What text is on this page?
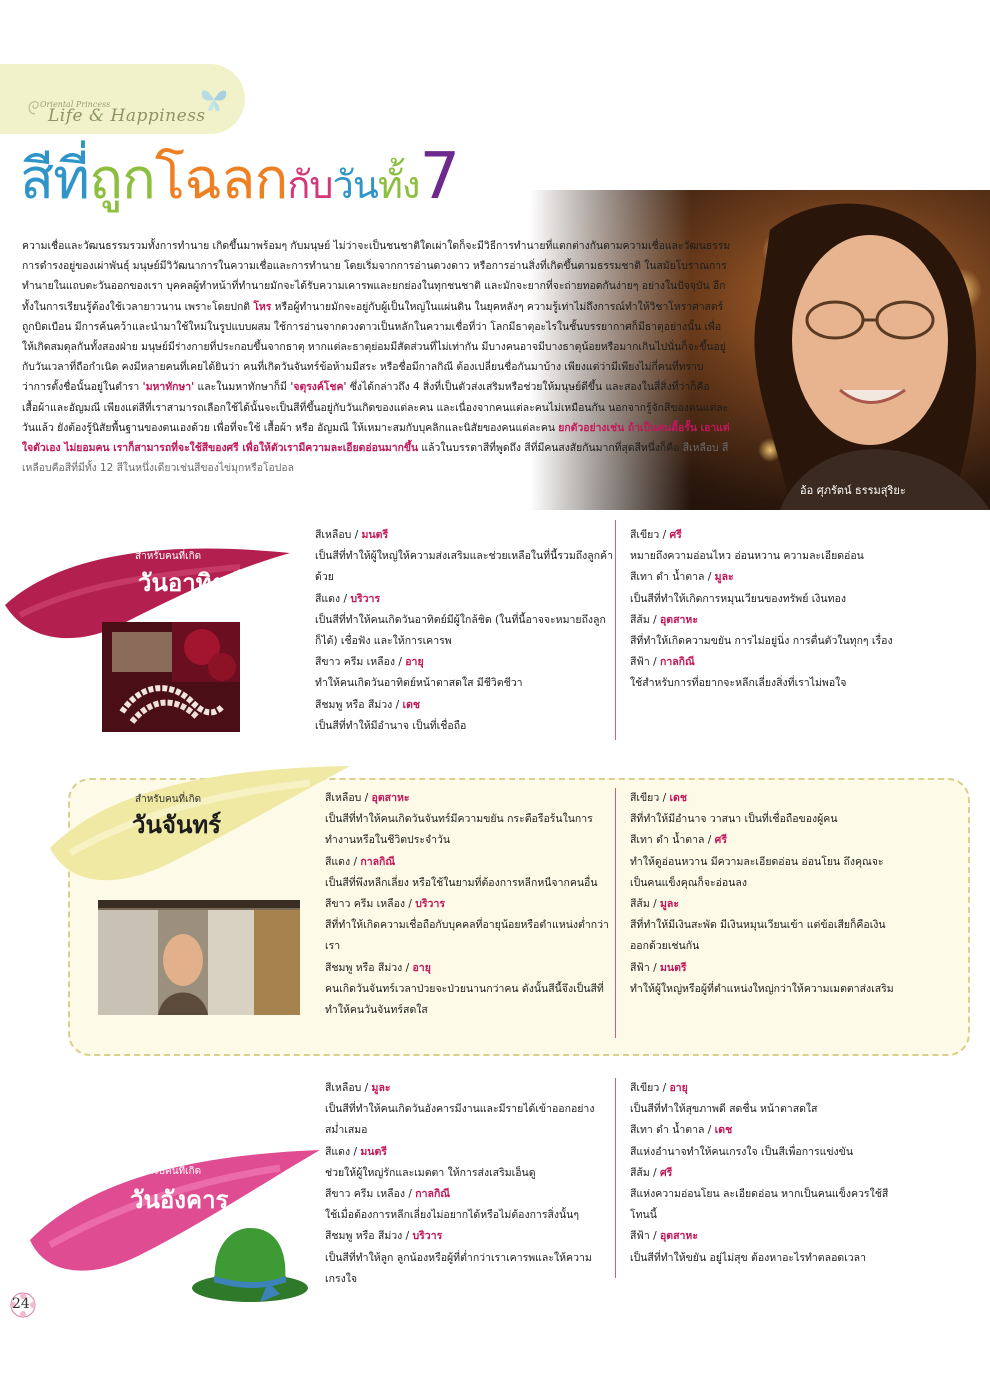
Oriental Princess
Life & Happiness
สีที่ถูกโฉลกกับวันทั้ง7
ความเชื่อและวัฒนธรรมรวมทั้งการทำนาย เกิดขึ้นมาพร้อมๆ กับมนุษย์ ไม่ว่าจะเป็นชนชาติใดเผ่าใดก็จะมีวิธีการทำนายที่แตกต่างกันตามความเชื่อและวัฒนธรรมการดำรงอยู่ของเผ่าพันธุ์ มนุษย์มีวิวัฒนาการในความเชื่อและการทำนาย โดยเริ่มจากการอ่านดวงดาว หรือการอ่านสิ่งที่เกิดขึ้นตามธรรมชาติ ในสมัยโบราณการทำนายในแถบตะวันออกของเรา บุคคลผู้ทำหน้าที่ทำนายมักจะได้รับความเคารพและยกย่องในทุกชนชาติ และมักจะยากที่จะถ่ายทอดกันง่ายๆ อย่างในปัจจุบัน อีกทั้งในการเรียนรู้ต้องใช้เวลายาวนาน เพราะโดยปกติ โหร หรือผู้ทำนายมักจะอยู่กับผู้เป็นใหญ่ในแผ่นดิน ในยุคหลังๆ ความรู้เท่าไม่ถึงการณ์ทำให้วิชาโหราศาสตร์ถูกบิดเบือน มีการค้นคว้าและนำมาใช้ใหม่ในรูปแบบผสม ใช้การอ่านจากดวงดาวเป็นหลักในความเชื่อที่ว่า โลกมีธาตุอะไรในชั้นบรรยากาศก็มีธาตุอย่างนั้น เพื่อให้เกิดสมดุลกันทั้งสองฝ่าย มนุษย์มีร่างกายที่ประกอบขึ้นจากธาตุ หากแต่ละธาตุย่อมมีสัดส่วนที่ไม่เท่ากัน มีบางคนอาจมีบางธาตุน้อยหรือมากเกินไปนั่นก็จะขึ้นอยู่กับวันเวลาที่ถือกำเนิด คงมีหลายคนที่เคยได้ยินว่า คนที่เกิดวันจันทร์ข้อห้ามมีสระ หรือชื่อมีกาลกิณี ต้องเปลี่ยนชื่อกันมาบ้าง เพียงแต่ว่ามีเพียงไม่กี่คนที่ทราบว่าการตั้งชื่อนั้นอยู่ในตำรา 'มหาทักษา' และในมหาทักษาก็มี 'จตุรงค์โชค' ซึ่งได้กล่าวถึง 4 สิ่งที่เป็นตัวส่งเสริมหรือช่วยให้มนุษย์ดีขึ้น และสองในสี่สิ่งที่ว่าก็คือ เสื้อผ้าและอัญมณี เพียงแต่สีที่เราสามารถเลือกใช้ได้นั้นจะเป็นสีที่ขึ้นอยู่กับวันเกิดของแต่ละคน และเนื่องจากคนแต่ละคนไม่เหมือนกัน นอกจากรู้จักสีของคนแต่ละวันแล้ว ยังต้องรู้นิสัยพื้นฐานของตนเองด้วย เพื่อที่จะใช้ เสื้อผ้า หรือ อัญมณี ให้เหมาะสมกับบุคลิกและนิสัยของคนแต่ละคน ยกตัวอย่างเช่น ถ้าเป็นคนดื้อรั้น เอาแต่ใจตัวเอง ไม่ยอมคน เราก็สามารถที่จะใช้สีของศรี เพื่อให้ตัวเรามีความละเอียดอ่อนมากขึ้น แล้วในบรรดาสีที่พูดถึง สีที่มีคนสงสัยกันมากที่สุดสีหนึ่งก็คือ สีเหลือบ สีเหลือบคือสีที่มีทั้ง 12 สีในหนึ่งเดียวเช่นสีของไข่มุกหรือโอปอล
อ้อ ศุภรัตน์ ธรรมสุริยะ
สำหรับคนที่เกิด
วันอาทิตย์
สีเหลือบ / มนตรี
เป็นสีที่ทำให้ผู้ใหญ่ให้ความส่งเสริมและช่วยเหลือในที่นี้รวมถึงลูกค้าด้วย
สีแดง / บริวาร
เป็นสีที่ทำให้คนเกิดวันอาทิตย์มีผู้ใกล้ชิด (ในที่นี้อาจจะหมายถึงลูกก็ได้) เชื่อฟัง และให้การเคารพ
สีขาว ครีม เหลือง / อายุ
ทำให้คนเกิดวันอาทิตย์หน้าตาสดใส มีชีวิตชีวา
สีชมพู หรือ สีม่วง / เดช
เป็นสีที่ทำให้มีอำนาจ เป็นที่เชื่อถือ
สีเขียว / ศรี
หมายถึงความอ่อนไหว อ่อนหวาน ความละเอียดอ่อน
สีเทา ดำ น้ำตาล / มูละ
เป็นสีที่ทำให้เกิดการหมุนเวียนของทรัพย์ เงินทอง
สีส้ม / อุตสาหะ
สีที่ทำให้เกิดความขยัน การไม่อยู่นิ่ง การตื่นตัวในทุกๆ เรื่อง
สีฟ้า / กาลกิณี
ใช้สำหรับการที่อยากจะหลีกเลี่ยงสิ่งที่เราไม่พอใจ
สำหรับคนที่เกิด
วันจันทร์
สีเหลือบ / อุตสาหะ
เป็นสีที่ทำให้คนเกิดวันจันทร์มีความขยัน กระตือรือร้นในการทำงานหรือในชีวิตประจำวัน
สีแดง / กาลกิณี
เป็นสีที่พึงหลีกเลี่ยง หรือใช้ในยามที่ต้องการหลีกหนีจากคนอื่น
สีขาว ครีม เหลือง / บริวาร
สีที่ทำให้เกิดความเชื่อถือกับบุคคลที่อายุน้อยหรือตำแหน่งต่ำกว่าเรา
สีชมพู หรือ สีม่วง / อายุ
คนเกิดวันจันทร์เวลาป่วยจะป่วยนานกว่าคน ดังนั้นสีนี้จึงเป็นสีที่ทำให้คนวันจันทร์สดใส
สีเขียว / เดช
สีที่ทำให้มีอำนาจ วาสนา เป็นที่เชื่อถือของผู้คน
สีเทา ดำ น้ำตาล / ศรี
ทำให้ดูอ่อนหวาน มีความละเอียดอ่อน อ่อนโยน ถึงคุณจะเป็นคนแข็งคุณก็จะอ่อนลง
สีส้ม / มูละ
สีที่ทำให้มีเงินสะพัด มีเงินหมุนเวียนเข้า แต่ข้อเสียก็คือเงินออกด้วยเช่นกัน
สีฟ้า / มนตรี
ทำให้ผู้ใหญ่หรือผู้ที่ตำแหน่งใหญ่กว่าให้ความเมตตาส่งเสริม
สำหรับคนที่เกิด
วันอังคาร
สีเหลือบ / มูละ
เป็นสีที่ทำให้คนเกิดวันอังคารมีงานและมีรายได้เข้าออกอย่างสม่ำเสมอ
สีแดง / มนตรี
ช่วยให้ผู้ใหญ่รักและเมตตา ให้การส่งเสริมเอ็นดู
สีขาว ครีม เหลือง / กาลกิณี
ใช้เมื่อต้องการหลีกเลี่ยงไม่อยากได้หรือไม่ต้องการสิ่งนั้นๆ
สีชมพู หรือ สีม่วง / บริวาร
เป็นสีที่ทำให้ลูก ลูกน้องหรือผู้ที่ต่ำกว่าเราเคารพและให้ความเกรงใจ
สีเขียว / อายุ
เป็นสีที่ทำให้สุขภาพดี สดชื่น หน้าตาสดใส
สีเทา ดำ น้ำตาล / เดช
สีแห่งอำนาจทำให้คนเกรงใจ เป็นสีเพื่อการแข่งขัน
สีส้ม / ศรี
สีแห่งความอ่อนโยน ละเอียดอ่อน หากเป็นคนแข็งควรใช้สีโทนนี้
สีฟ้า / อุตสาหะ
เป็นสีที่ทำให้ขยัน อยู่ไม่สุข ต้องหาอะไรทำตลอดเวลา
24
